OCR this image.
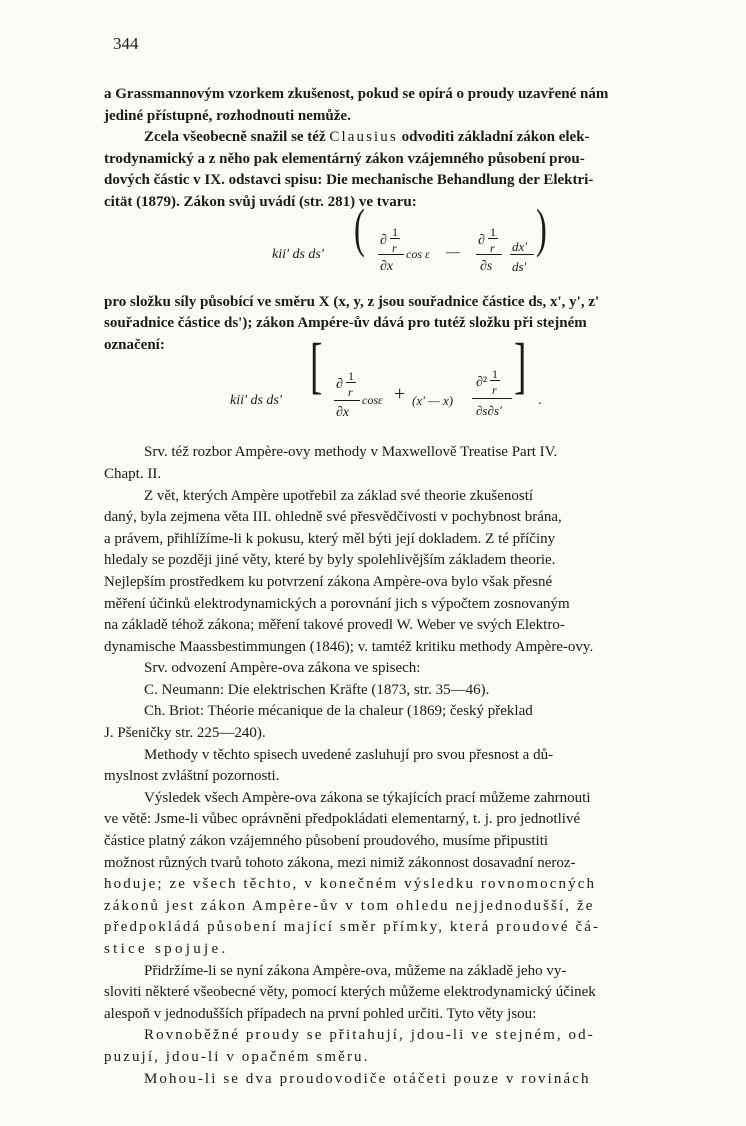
344

a Grassmannovým vzorkem zkušenost, pokud se opírá o proudy uzavřené nám

jediné přístupné, rozhodnouti nemůže.

Zcela všeobecně snažil se též Clausius odvoditi základní zákon elek-

trodynamický a z něho pak elementárný zákon vzájemného působení prou-

dových částic v IX. odstavci spisu: Die mechanische Behandlung der Elektri-

cität (1879). Zákon svůj uvádí (str. 281) ve tvaru:

kii' ds ds' ( ∂
1
r
∂x
cos ε —
∂
1
r
∂s
dx'
ds'
)

pro složku síly působící ve směru X (x, y, z jsou souřadnice částice ds, x', y', z'

souřadnice částice ds'); zákon Ampére-ův dává pro tutéž složku při stejném

označení:

kii' ds ds'
[ ∂
1
r
∂x
cosε + (x' — x)
∂²
1
r
∂s∂s'
]
.

Srv. též rozbor Ampère-ovy methody v Maxwellově Treatise Part IV.

Chapt. II.

Z vět, kterých Ampère upotřebil za základ své theorie zkušeností

daný, byla zejmena věta III. ohledně své přesvědčivosti v pochybnost brána,

a právem, přihlížíme-li k pokusu, který měl býti její dokladem. Z té příčiny

hledaly se později jiné věty, které by byly spolehlivějším základem theorie.

Nejlepším prostředkem ku potvrzení zákona Ampère-ova bylo však přesné

měření účinků elektrodynamických a porovnání jich s výpočtem zosnovaným

na základě téhož zákona; měření takové provedl W. Weber ve svých Elektro-

dynamische Maassbestimmungen (1846); v. tamtéž kritiku methody Ampère-ovy.

Srv. odvození Ampère-ova zákona ve spisech:

C. Neumann: Die elektrischen Kräfte (1873, str. 35—46).

Ch. Briot: Théorie mécanique de la chaleur (1869; český překlad

J. Pšeničky str. 225—240).

Methody v těchto spisech uvedené zasluhují pro svou přesnost a dů-

myslnost zvláštní pozornosti.

Výsledek všech Ampère-ova zákona se týkajících prací můžeme zahrnouti

ve větě: Jsme-li vůbec oprávněni předpokládati elementarný, t. j. pro jednotlivé

částice platný zákon vzájemného působení proudového, musíme připustiti

možnost různých tvarů tohoto zákona, mezi nimiž zákonnost dosavadní neroz-

hoduje; ze všech těchto, v konečném výsledku rovnomocných

zákonů jest zákon Ampère-ův v tom ohledu nejjednodušší, že

předpokládá působení mající směr přímky, která proudové čá-

stice spojuje.

Přidržíme-li se nyní zákona Ampère-ova, můžeme na základě jeho vy-

sloviti některé všeobecné věty, pomocí kterých můžeme elektrodynamický účinek

alespoň v jednodušších případech na první pohled určiti. Tyto věty jsou:

Rovnoběžné proudy se přitahují, jdou-li ve stejném, od-

puzují, jdou-li v opačném směru.

Mohou-li se dva proudovodiče otáčeti pouze v rovinách
